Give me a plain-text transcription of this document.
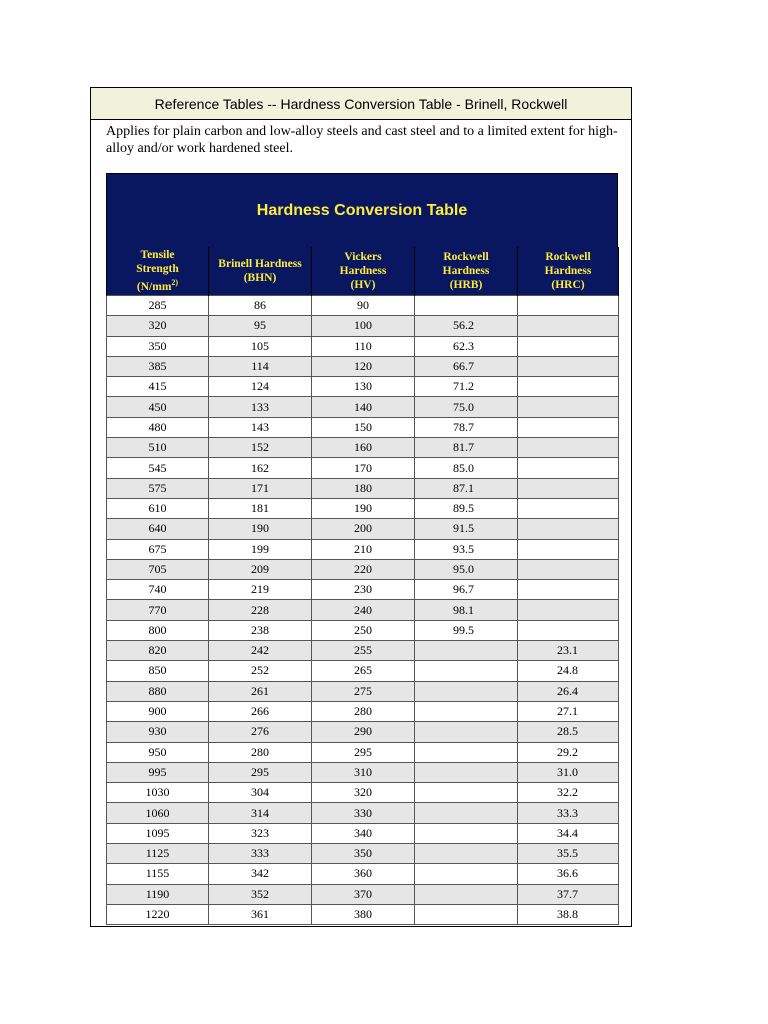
Reference Tables -- Hardness Conversion Table - Brinell, Rockwell
Applies for plain carbon and low-alloy steels and cast steel and to a limited extent for high-alloy and/or work hardened steel.
Hardness Conversion Table
Tensile
Strength
($N/mm^{2)}$	Brinell Hardness
(BHN)	Vickers
Hardness
(HV)	Rockwell
Hardness
(HRB)	Rockwell
Hardness
(HRC)
285	86	90		
320	95	100	56.2	
350	105	110	62.3	
385	114	120	66.7	
415	124	130	71.2	
450	133	140	75.0	
480	143	150	78.7	
510	152	160	81.7	
545	162	170	85.0	
575	171	180	87.1	
610	181	190	89.5	
640	190	200	91.5	
675	199	210	93.5	
705	209	220	95.0	
740	219	230	96.7	
770	228	240	98.1	
800	238	250	99.5	
820	242	255		23.1
850	252	265		24.8
880	261	275		26.4
900	266	280		27.1
930	276	290		28.5
950	280	295		29.2
995	295	310		31.0
1030	304	320		32.2
1060	314	330		33.3
1095	323	340		34.4
1125	333	350		35.5
1155	342	360		36.6
1190	352	370		37.7
1220	361	380		38.8
